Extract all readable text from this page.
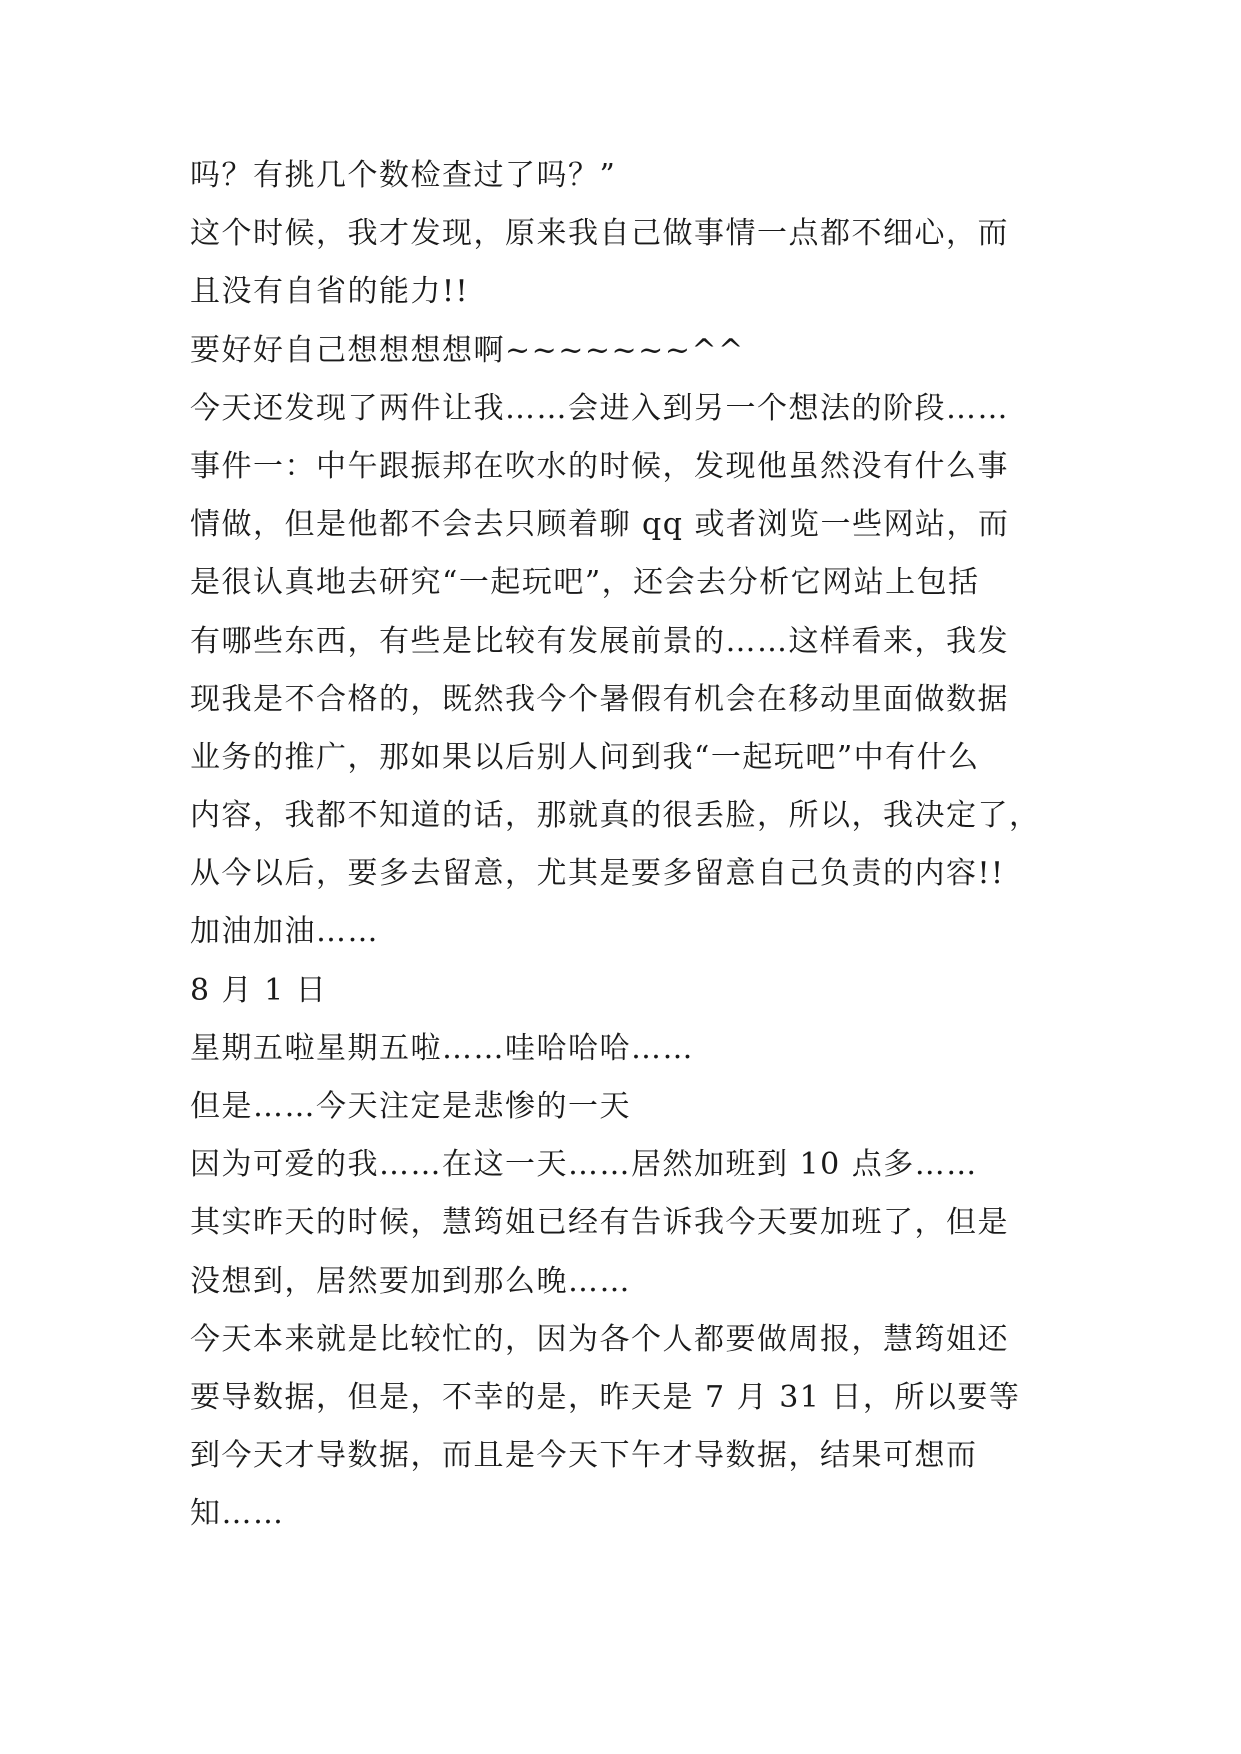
吗？有挑几个数检查过了吗？”
这个时候，我才发现，原来我自己做事情一点都不细心，而
且没有自省的能力!!
要好好自己想想想想啊~~~~~~~^^
今天还发现了两件让我……会进入到另一个想法的阶段……
事件一：中午跟振邦在吹水的时候，发现他虽然没有什么事
情做，但是他都不会去只顾着聊 qq 或者浏览一些网站，而
是很认真地去研究“一起玩吧”，还会去分析它网站上包括
有哪些东西，有些是比较有发展前景的……这样看来，我发
现我是不合格的，既然我今个暑假有机会在移动里面做数据
业务的推广，那如果以后别人问到我“一起玩吧”中有什么
内容，我都不知道的话，那就真的很丢脸，所以，我决定了，
从今以后，要多去留意，尤其是要多留意自己负责的内容!!
加油加油……
8 月 1 日
星期五啦星期五啦……哇哈哈哈……
但是……今天注定是悲惨的一天
因为可爱的我……在这一天……居然加班到 10 点多……
其实昨天的时候，慧筠姐已经有告诉我今天要加班了，但是
没想到，居然要加到那么晚……
今天本来就是比较忙的，因为各个人都要做周报，慧筠姐还
要导数据，但是，不幸的是，昨天是 7 月 31 日，所以要等
到今天才导数据，而且是今天下午才导数据，结果可想而
知……
